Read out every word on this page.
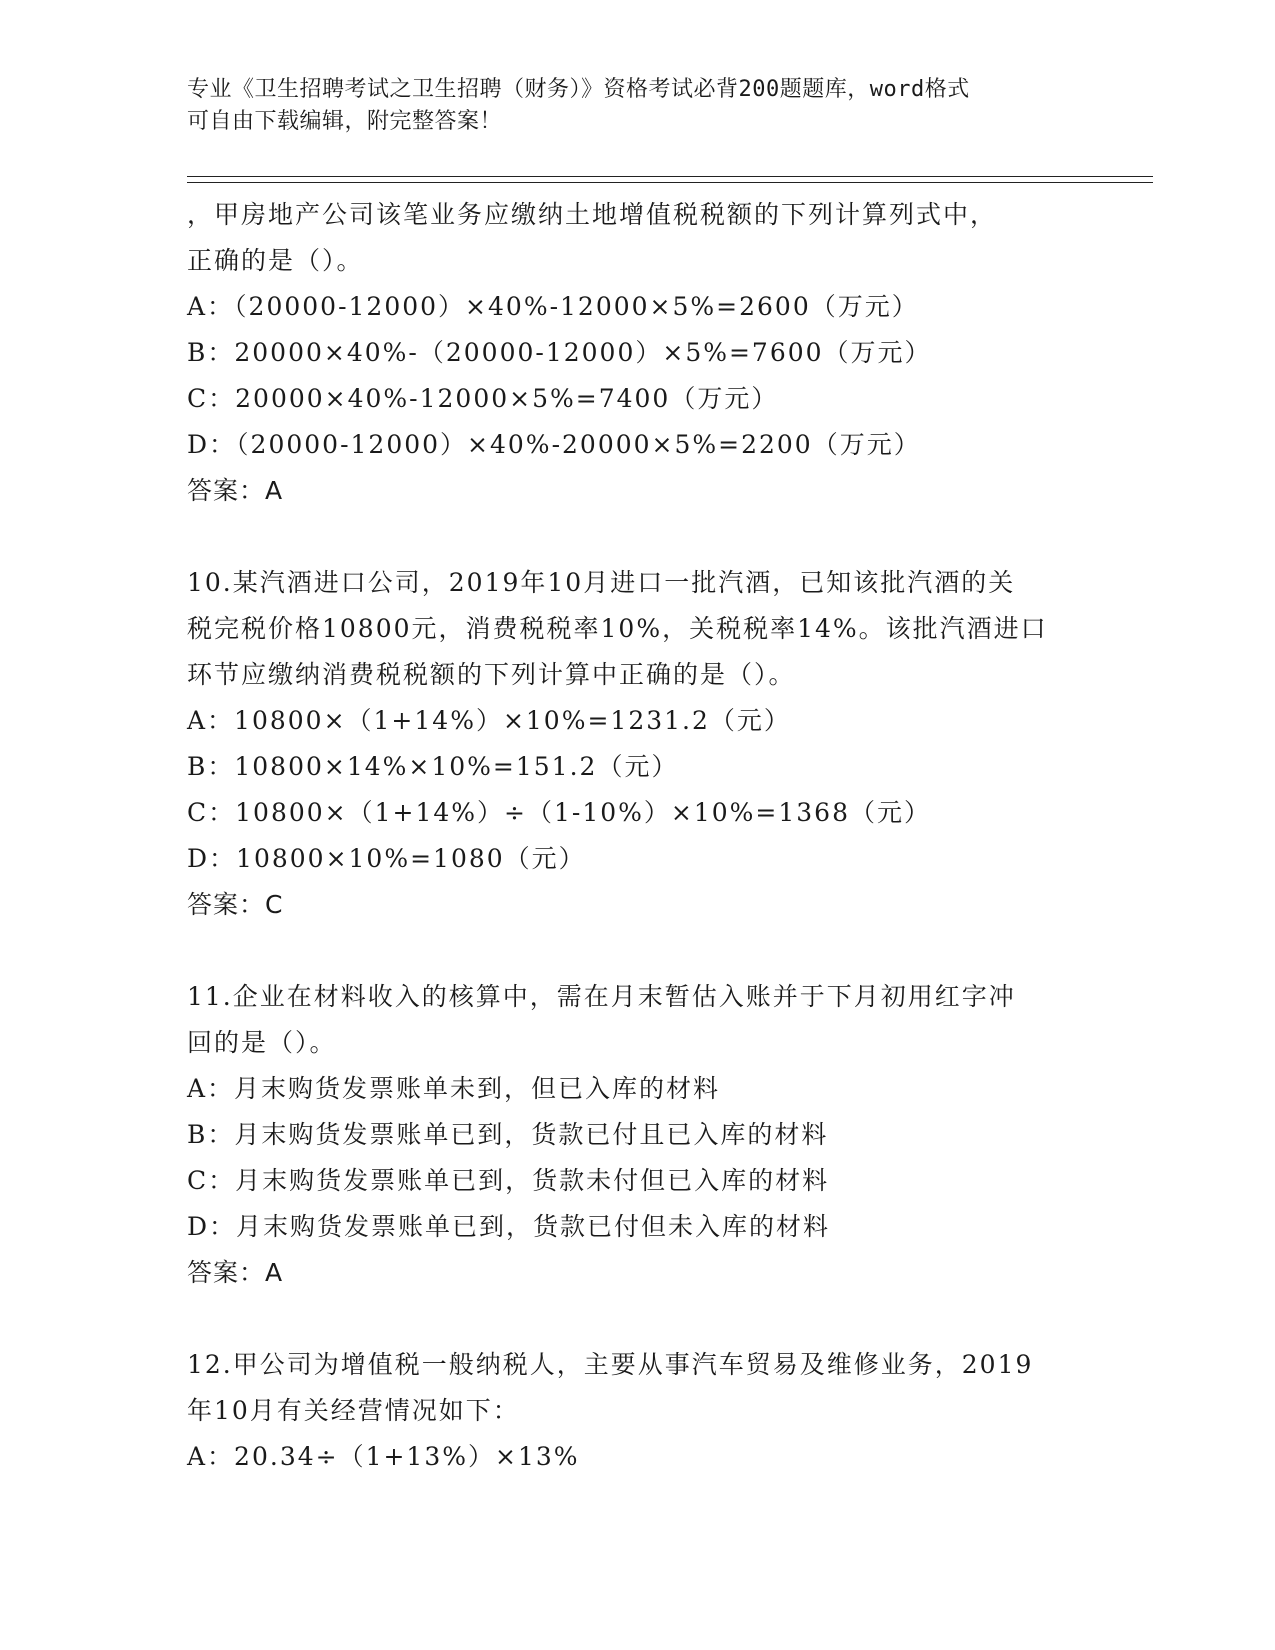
专业《卫生招聘考试之卫生招聘（财务）》资格考试必背200题题库，word格式
可自由下载编辑，附完整答案！
，甲房地产公司该笔业务应缴纳土地增值税税额的下列计算列式中，
正确的是（）。
A：（20000-12000）×40%-12000×5%=2600（万元）
B：20000×40%-（20000-12000）×5%=7600（万元）
C：20000×40%-12000×5%=7400（万元）
D：（20000-12000）×40%-20000×5%=2200（万元）
答案：A
10.某汽酒进口公司，2019年10月进口一批汽酒，已知该批汽酒的关
税完税价格10800元，消费税税率10%，关税税率14%。该批汽酒进口
环节应缴纳消费税税额的下列计算中正确的是（）。
A：10800×（1+14%）×10%=1231.2（元）
B：10800×14%×10%=151.2（元）
C：10800×（1+14%）÷（1-10%）×10%=1368（元）
D：10800×10%=1080（元）
答案：C
11.企业在材料收入的核算中，需在月末暂估入账并于下月初用红字冲
回的是（）。
A：月末购货发票账单未到，但已入库的材料
B：月末购货发票账单已到，货款已付且已入库的材料
C：月末购货发票账单已到，货款未付但已入库的材料
D：月末购货发票账单已到，货款已付但未入库的材料
答案：A
12.甲公司为增值税一般纳税人，主要从事汽车贸易及维修业务，2019
年10月有关经营情况如下：
A：20.34÷（1+13%）×13%
